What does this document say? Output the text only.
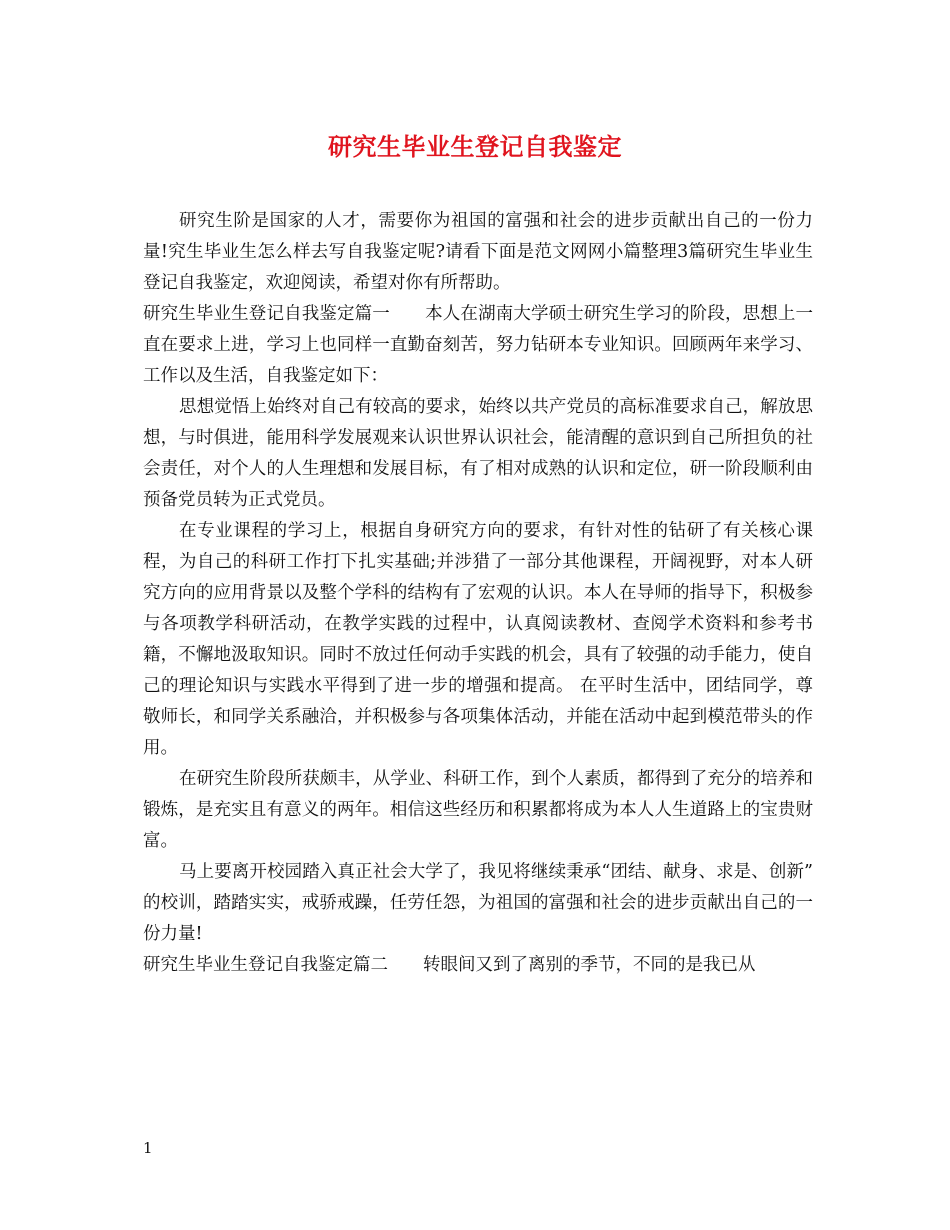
研究生毕业生登记自我鉴定

研究生阶是国家的人才，需要你为祖国的富强和社会的进步贡献出自己的一份力量!究生毕业生怎么样去写自我鉴定呢?请看下面是范文网网小篇整理3篇研究生毕业生登记自我鉴定，欢迎阅读，希望对你有所帮助。

研究生毕业生登记自我鉴定篇一　　本人在湖南大学硕士研究生学习的阶段，思想上一直在要求上进，学习上也同样一直勤奋刻苦，努力钻研本专业知识。回顾两年来学习、工作以及生活，自我鉴定如下：

思想觉悟上始终对自己有较高的要求，始终以共产党员的高标准要求自己，解放思想，与时俱进，能用科学发展观来认识世界认识社会，能清醒的意识到自己所担负的社会责任，对个人的人生理想和发展目标，有了相对成熟的认识和定位，研一阶段顺利由预备党员转为正式党员。

在专业课程的学习上，根据自身研究方向的要求，有针对性的钻研了有关核心课程，为自己的科研工作打下扎实基础;并涉猎了一部分其他课程，开阔视野，对本人研究方向的应用背景以及整个学科的结构有了宏观的认识。本人在导师的指导下，积极参与各项教学科研活动，在教学实践的过程中，认真阅读教材、查阅学术资料和参考书籍，不懈地汲取知识。同时不放过任何动手实践的机会，具有了较强的动手能力，使自己的理论知识与实践水平得到了进一步的增强和提高。 在平时生活中，团结同学，尊敬师长，和同学关系融洽，并积极参与各项集体活动，并能在活动中起到模范带头的作用。

在研究生阶段所获颇丰，从学业、科研工作，到个人素质，都得到了充分的培养和锻炼，是充实且有意义的两年。相信这些经历和积累都将成为本人人生道路上的宝贵财富。

马上要离开校园踏入真正社会大学了，我见将继续秉承“团结、献身、求是、创新” 的校训，踏踏实实，戒骄戒躁，任劳任怨，为祖国的富强和社会的进步贡献出自己的一份力量!

研究生毕业生登记自我鉴定篇二　　转眼间又到了离别的季节，不同的是我已从

1
